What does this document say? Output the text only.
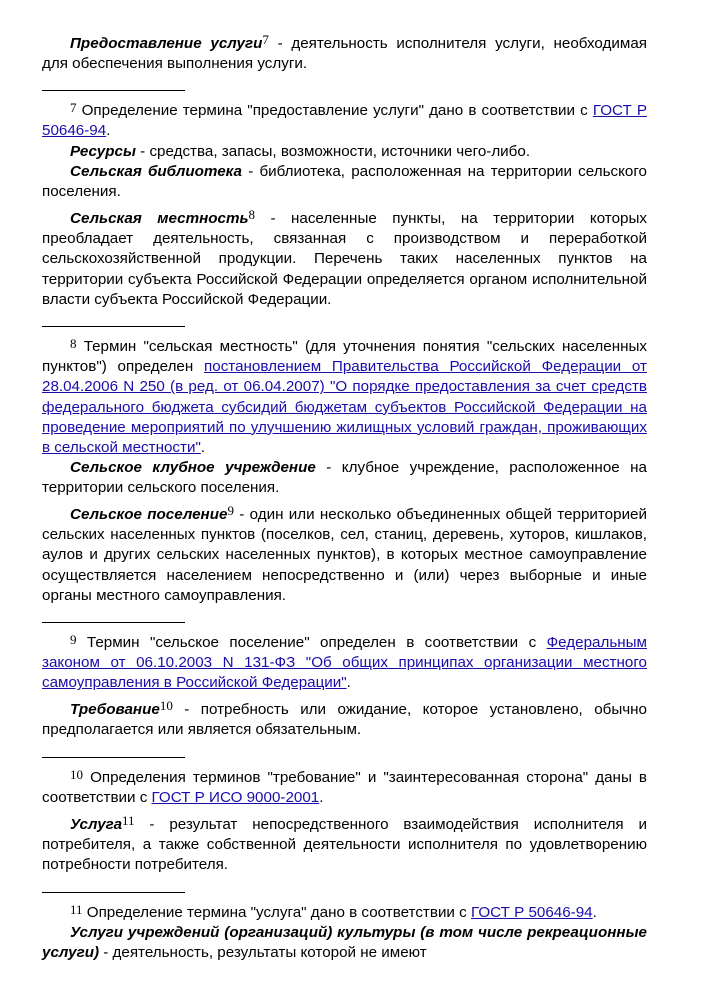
Предоставление услуги7 - деятельность исполнителя услуги, необходимая для обеспечения выполнения услуги.

7 Определение термина "предоставление услуги" дано в соответствии с ГОСТ Р 50646-94.

Ресурсы - средства, запасы, возможности, источники чего-либо.

Сельская библиотека - библиотека, расположенная на территории сельского поселения.

Сельская местность8 - населенные пункты, на территории которых преобладает деятельность, связанная с производством и переработкой сельскохозяйственной продукции. Перечень таких населенных пунктов на территории субъекта Российской Федерации определяется органом исполнительной власти субъекта Российской Федерации.

8 Термин "сельская местность" (для уточнения понятия "сельских населенных пунктов") определен постановлением Правительства Российской Федерации от 28.04.2006 N 250 (в ред. от 06.04.2007) "О порядке предоставления за счет средств федерального бюджета субсидий бюджетам субъектов Российской Федерации на проведение мероприятий по улучшению жилищных условий граждан, проживающих в сельской местности".

Сельское клубное учреждение - клубное учреждение, расположенное на территории сельского поселения.

Сельское поселение9 - один или несколько объединенных общей территорией сельских населенных пунктов (поселков, сел, станиц, деревень, хуторов, кишлаков, аулов и других сельских населенных пунктов), в которых местное самоуправление осуществляется населением непосредственно и (или) через выборные и иные органы местного самоуправления.

9 Термин "сельское поселение" определен в соответствии с Федеральным законом от 06.10.2003 N 131-ФЗ "Об общих принципах организации местного самоуправления в Российской Федерации".

Требование10 - потребность или ожидание, которое установлено, обычно предполагается или является обязательным.

10 Определения терминов "требование" и "заинтересованная сторона" даны в соответствии с ГОСТ Р ИСО 9000-2001.

Услуга11 - результат непосредственного взаимодействия исполнителя и потребителя, а также собственной деятельности исполнителя по удовлетворению потребности потребителя.

11 Определение термина "услуга" дано в соответствии с ГОСТ Р 50646-94.

Услуги учреждений (организаций) культуры (в том числе рекреационные услуги) - деятельность, результаты которой не имеют
